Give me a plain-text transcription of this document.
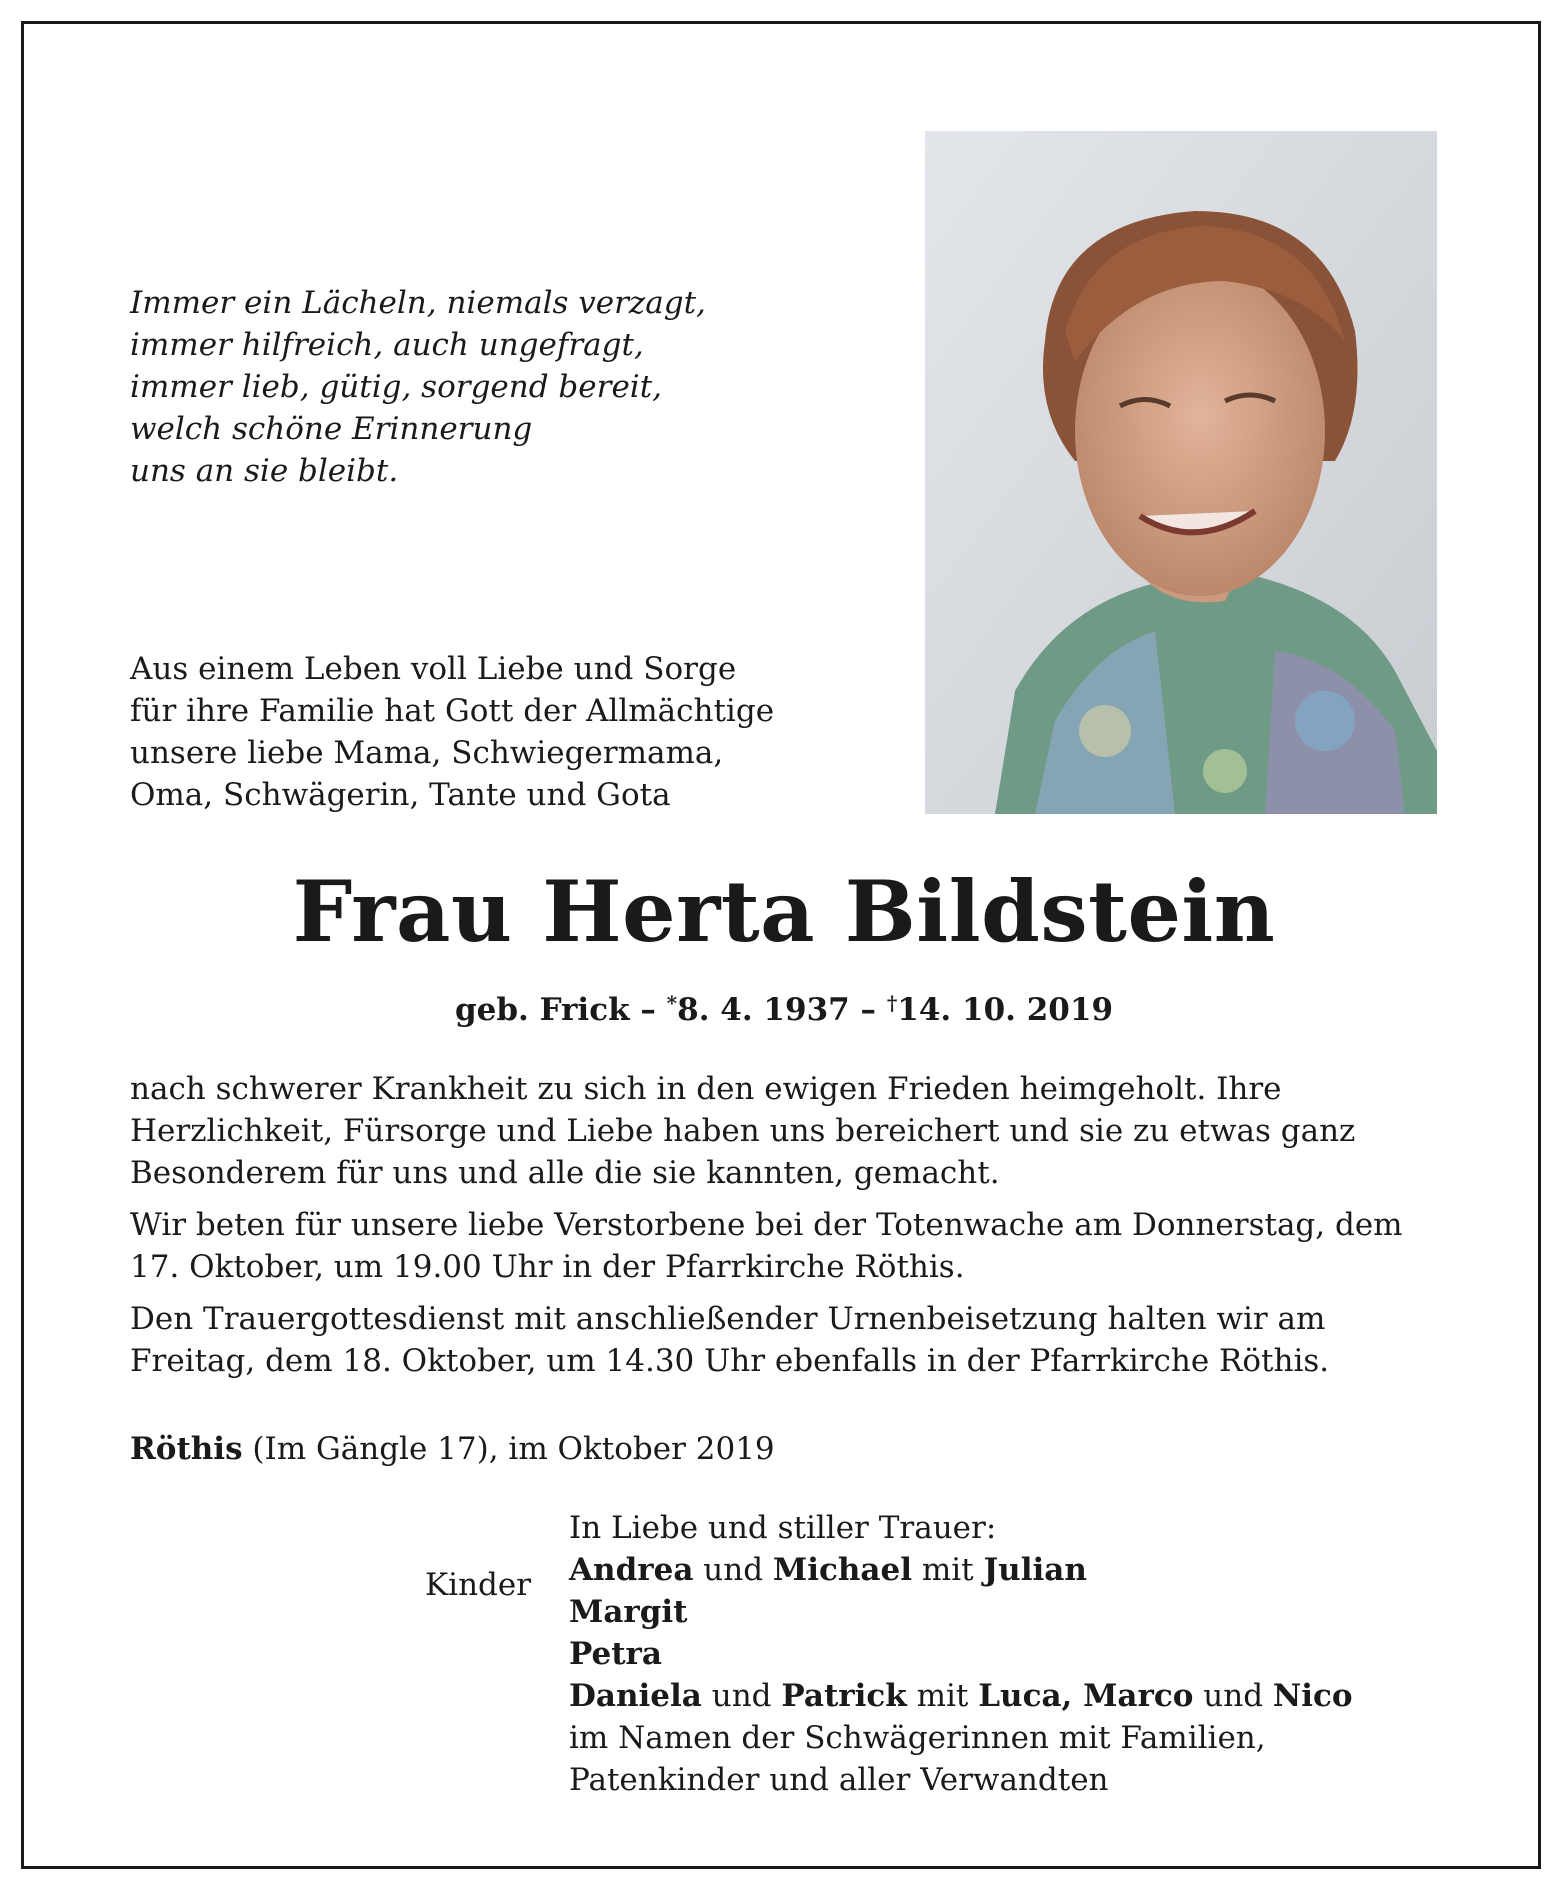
Immer ein Lächeln, niemals verzagt,
immer hilfreich, auch ungefragt,
immer lieb, gütig, sorgend bereit,
welch schöne Erinnerung
uns an sie bleibt.
Aus einem Leben voll Liebe und Sorge
für ihre Familie hat Gott der Allmächtige
unsere liebe Mama, Schwiegermama,
Oma, Schwägerin, Tante und Gota
Frau Herta Bildstein
geb. Frick – *8. 4. 1937 – †14. 10. 2019

nach schwerer Krankheit zu sich in den ewigen Frieden heimgeholt. Ihre Herzlichkeit, Fürsorge und Liebe haben uns bereichert und sie zu etwas ganz Besonderem für uns und alle die sie kannten, gemacht.

Wir beten für unsere liebe Verstorbene bei der Totenwache am Donnerstag, dem 17. Oktober, um 19.00 Uhr in der Pfarrkirche Röthis.

Den Trauergottesdienst mit anschließender Urnenbeisetzung halten wir am Freitag, dem 18. Oktober, um 14.30 Uhr ebenfalls in der Pfarrkirche Röthis.

Röthis (Im Gängle 17), im Oktober 2019
Kinder
In Liebe und stiller Trauer:
Andrea und Michael mit Julian
Margit
Petra
Daniela und Patrick mit Luca, Marco und Nico
im Namen der Schwägerinnen mit Familien,
Patenkinder und aller Verwandten
